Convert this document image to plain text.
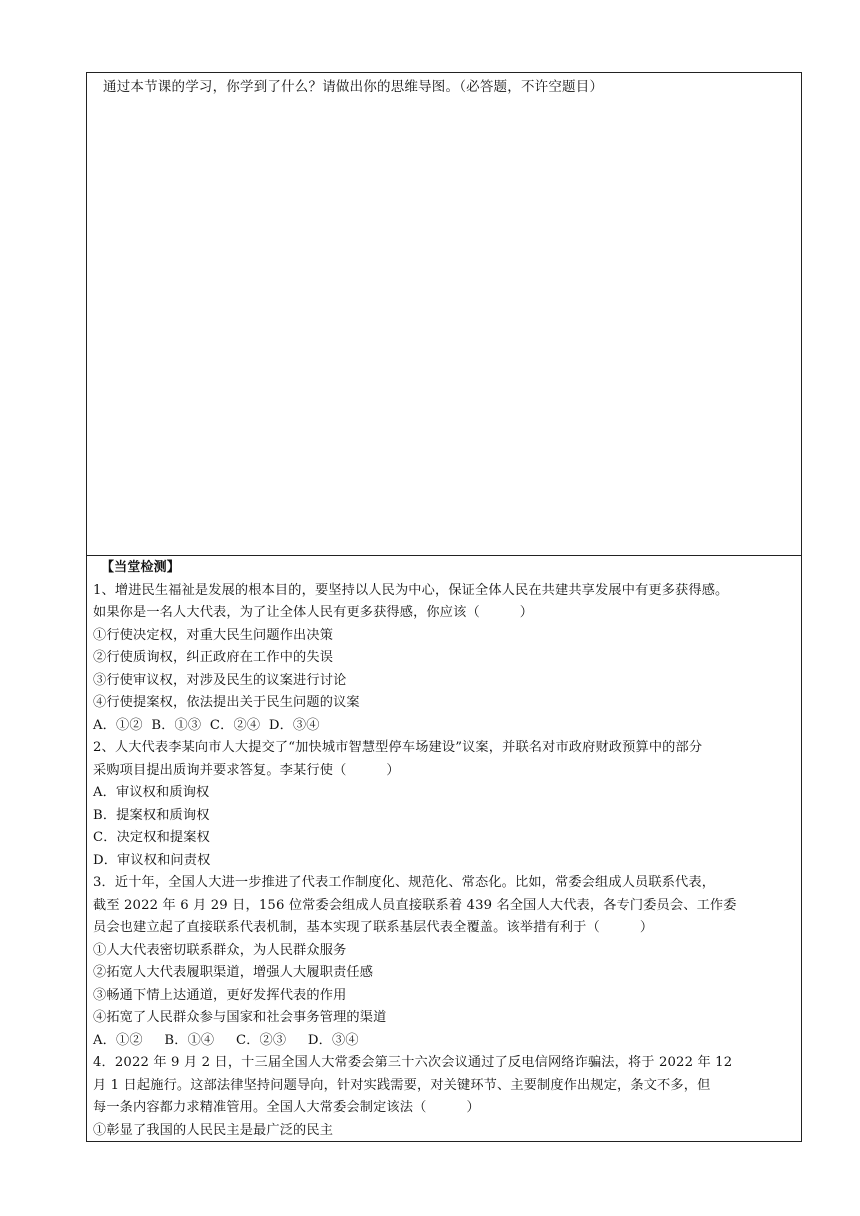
通过本节课的学习，你学到了什么？请做出你的思维导图。（必答题，不许空题目）
【当堂检测】
1、增进民生福祉是发展的根本目的，要坚持以人民为中心，保证全体人民在共建共享发展中有更多获得感。
如果你是一名人大代表，为了让全体人民有更多获得感，你应该（　　　）
①行使决定权，对重大民生问题作出决策
②行使质询权，纠正政府在工作中的失误
③行使审议权，对涉及民生的议案进行讨论
④行使提案权，依法提出关于民生问题的议案
A．①②  B．①③  C．②④  D．③④
2、人大代表李某向市人大提交了“加快城市智慧型停车场建设”议案，并联名对市政府财政预算中的部分
采购项目提出质询并要求答复。李某行使（　　　）
A．审议权和质询权
B．提案权和质询权
C．决定权和提案权
D．审议权和问责权
3．近十年，全国人大进一步推进了代表工作制度化、规范化、常态化。比如，常委会组成人员联系代表，
截至 2022 年 6 月 29 日，156 位常委会组成人员直接联系着 439 名全国人大代表，各专门委员会、工作委
员会也建立起了直接联系代表机制，基本实现了联系基层代表全覆盖。该举措有利于（　　　）
①人大代表密切联系群众，为人民群众服务
②拓宽人大代表履职渠道，增强人大履职责任感
③畅通下情上达通道，更好发挥代表的作用
④拓宽了人民群众参与国家和社会事务管理的渠道
A．①②     B．①④     C．②③     D．③④
4．2022 年 9 月 2 日，十三届全国人大常委会第三十六次会议通过了反电信网络诈骗法，将于 2022 年 12
月 1 日起施行。这部法律坚持问题导向，针对实践需要，对关键环节、主要制度作出规定，条文不多，但
每一条内容都力求精准管用。全国人大常委会制定该法（　　　）
①彰显了我国的人民民主是最广泛的民主
